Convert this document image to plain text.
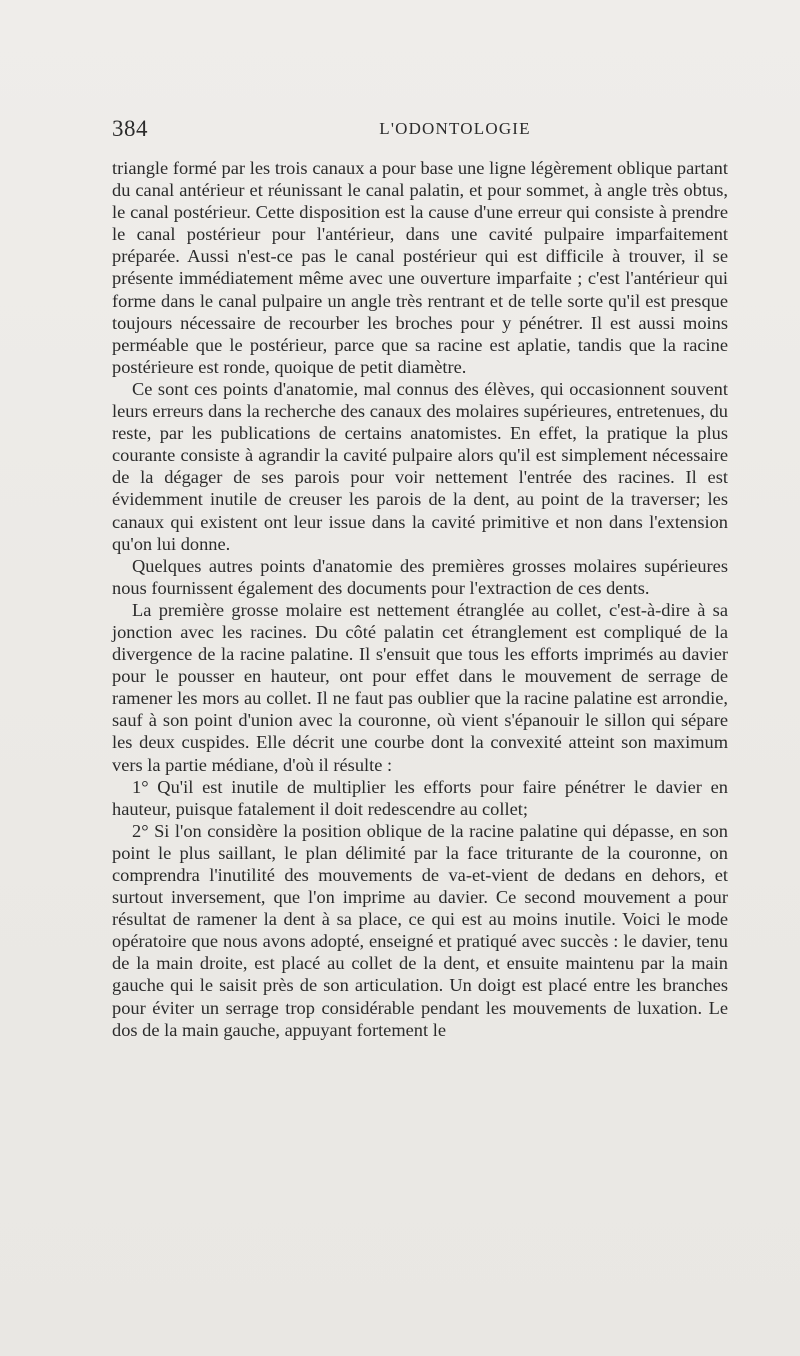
384	L'ODONTOLOGIE

triangle formé par les trois canaux a pour base une ligne légèrement oblique partant du canal antérieur et réunissant le canal palatin, et pour sommet, à angle très obtus, le canal postérieur. Cette disposition est la cause d'une erreur qui consiste à prendre le canal postérieur pour l'antérieur, dans une cavité pulpaire imparfaitement préparée. Aussi n'est-ce pas le canal postérieur qui est difficile à trouver, il se présente immédiatement même avec une ouverture imparfaite ; c'est l'antérieur qui forme dans le canal pulpaire un angle très rentrant et de telle sorte qu'il est presque toujours nécessaire de recourber les broches pour y pénétrer. Il est aussi moins perméable que le postérieur, parce que sa racine est aplatie, tandis que la racine postérieure est ronde, quoique de petit diamètre.

Ce sont ces points d'anatomie, mal connus des élèves, qui occasionnent souvent leurs erreurs dans la recherche des canaux des molaires supérieures, entretenues, du reste, par les publications de certains anatomistes. En effet, la pratique la plus courante consiste à agrandir la cavité pulpaire alors qu'il est simplement nécessaire de la dégager de ses parois pour voir nettement l'entrée des racines. Il est évidemment inutile de creuser les parois de la dent, au point de la traverser; les canaux qui existent ont leur issue dans la cavité primitive et non dans l'extension qu'on lui donne.

Quelques autres points d'anatomie des premières grosses molaires supérieures nous fournissent également des documents pour l'extraction de ces dents.

La première grosse molaire est nettement étranglée au collet, c'est-à-dire à sa jonction avec les racines. Du côté palatin cet étranglement est compliqué de la divergence de la racine palatine. Il s'ensuit que tous les efforts imprimés au davier pour le pousser en hauteur, ont pour effet dans le mouvement de serrage de ramener les mors au collet. Il ne faut pas oublier que la racine palatine est arrondie, sauf à son point d'union avec la couronne, où vient s'épanouir le sillon qui sépare les deux cuspides. Elle décrit une courbe dont la convexité atteint son maximum vers la partie médiane, d'où il résulte :

1° Qu'il est inutile de multiplier les efforts pour faire pénétrer le davier en hauteur, puisque fatalement il doit redescendre au collet;

2° Si l'on considère la position oblique de la racine palatine qui dépasse, en son point le plus saillant, le plan délimité par la face triturante de la couronne, on comprendra l'inutilité des mouvements de va-et-vient de dedans en dehors, et surtout inversement, que l'on imprime au davier. Ce second mouvement a pour résultat de ramener la dent à sa place, ce qui est au moins inutile. Voici le mode opératoire que nous avons adopté, enseigné et pratiqué avec succès : le davier, tenu de la main droite, est placé au collet de la dent, et ensuite maintenu par la main gauche qui le saisit près de son articulation. Un doigt est placé entre les branches pour éviter un serrage trop considérable pendant les mouvements de luxation. Le dos de la main gauche, appuyant fortement le
